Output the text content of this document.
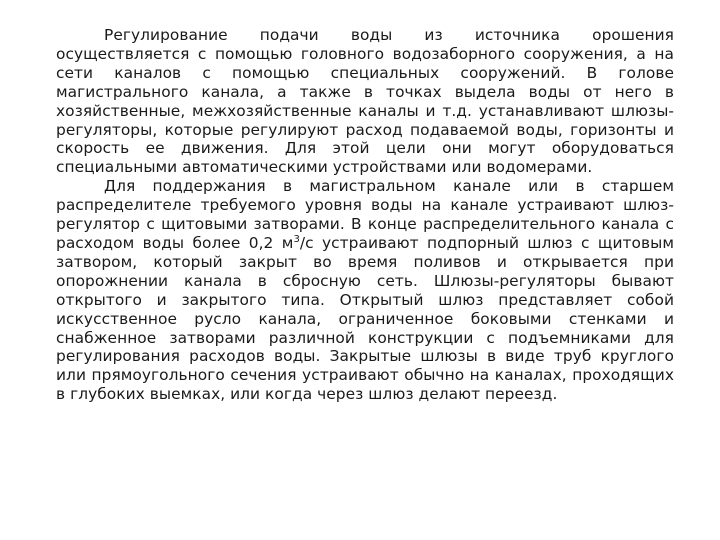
Регулирование подачи воды из источника орошения осуществляется с помощью головного водозаборного сооружения, а на сети каналов с помощью специальных сооружений. В голове магистрального канала, а также в точках выдела воды от него в хозяйственные, межхозяйственные каналы и т.д. устанавливают шлюзы-регуляторы, которые регулируют расход подаваемой воды, горизонты и скорость ее движения. Для этой цели они могут оборудоваться специальными автоматическими устройствами или водомерами.

Для поддержания в магистральном канале или в старшем распределителе требуемого уровня воды на канале устраивают шлюз-регулятор с щитовыми затворами. В конце распределительного канала с расходом воды более 0,2 $м^3/с$ устраивают подпорный шлюз с щитовым затвором, который закрыт во время поливов и открывается при опорожнении канала в сбросную сеть. Шлюзы-регуляторы бывают открытого и закрытого типа. Открытый шлюз представляет собой искусственное русло канала, ограниченное боковыми стенками и снабженное затворами различной конструкции с подъемниками для регулирования расходов воды. Закрытые шлюзы в виде труб круглого или прямоугольного сечения устраивают обычно на каналах, проходящих в глубоких выемках, или когда через шлюз делают переезд.
